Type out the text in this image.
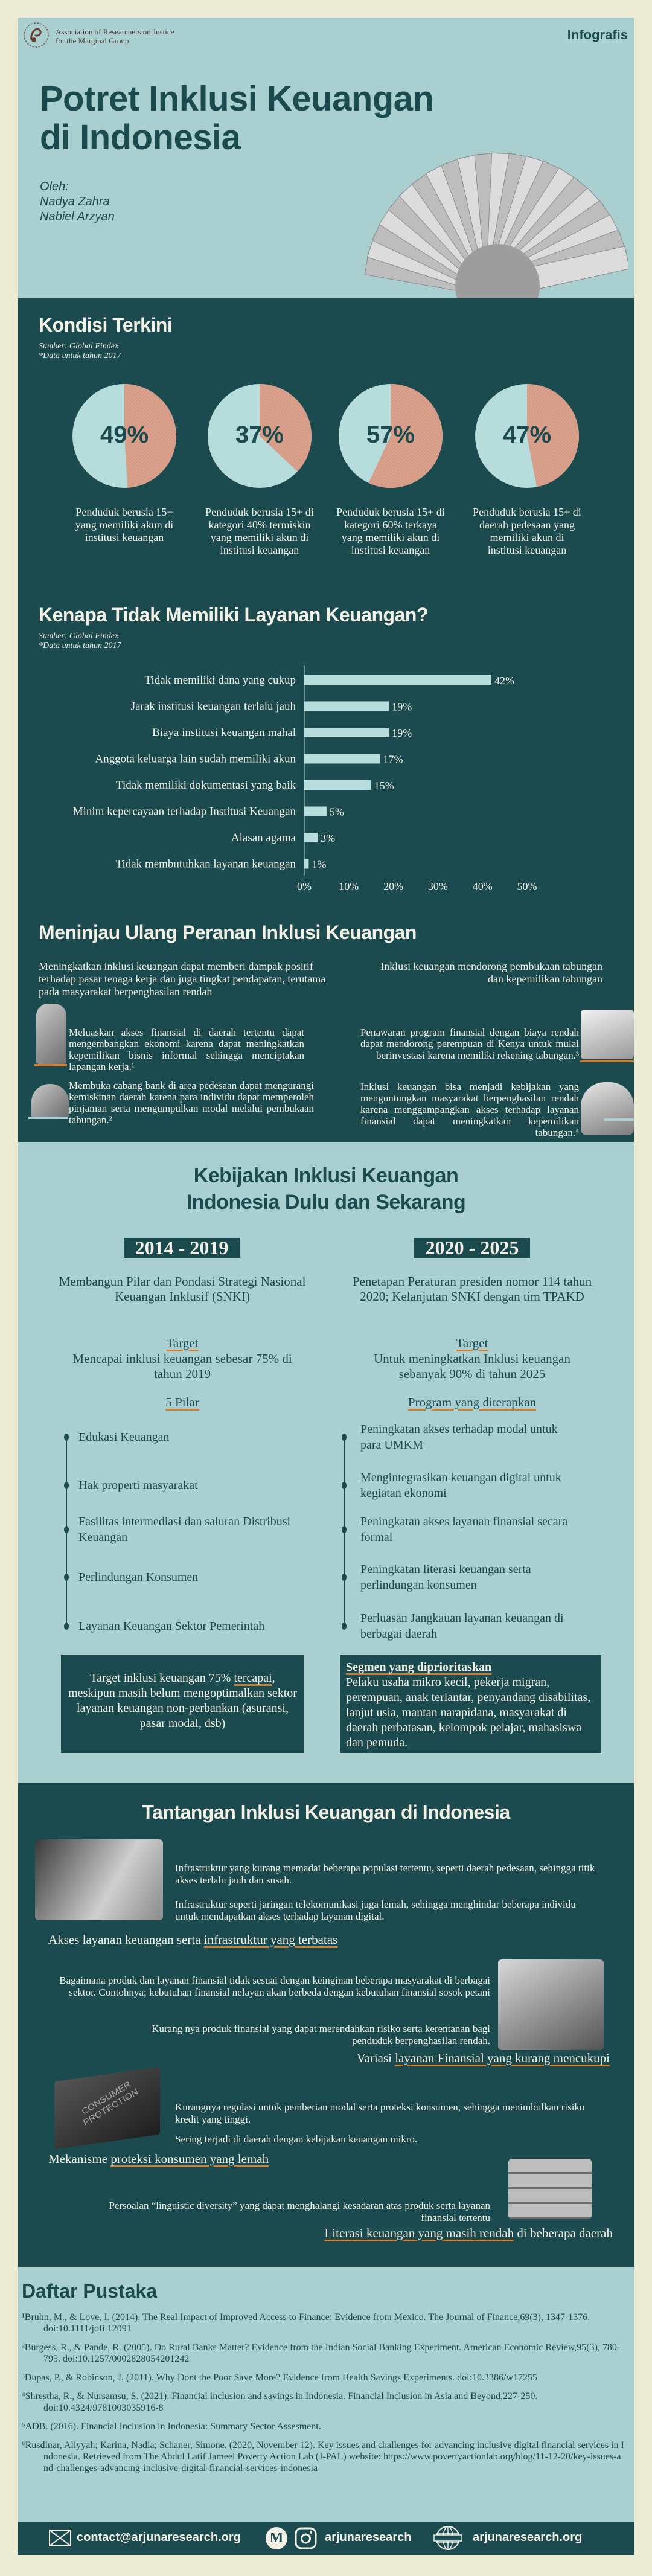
Association of Researchers on Justice
for the Marginal Group	Infografis
Potret Inklusi Keuangan
di Indonesia
Oleh:
Nadya Zahra
Nabiel Arzyan
Kondisi Terkini
Sumber: Global Findex
*Data untuk tahun 2017
49%	37%	57%	47%
Penduduk berusia 15+ yang memiliki akun di institusi keuangan
Penduduk berusia 15+ di kategori 40% termiskin yang memiliki akun di institusi keuangan
Penduduk berusia 15+ di kategori 60% terkaya yang memiliki akun di institusi keuangan
Penduduk berusia 15+ di daerah pedesaan yang memiliki akun di institusi keuangan
Kenapa Tidak Memiliki Layanan Keuangan?
Sumber: Global Findex
*Data untuk tahun 2017
Tidak memiliki dana yang cukup	42%
Jarak institusi keuangan terlalu jauh	19%
Biaya institusi keuangan mahal	19%
Anggota keluarga lain sudah memiliki akun	17%
Tidak memiliki dokumentasi yang baik	15%
Minim kepercayaan terhadap Institusi Keuangan	5%
Alasan agama 3%
Tidak membutuhkan layanan keuangan 1%
0%	10% 20% 30% 40% 50%
Meninjau Ulang Peranan Inklusi Keuangan
Meningkatkan inklusi keuangan dapat memberi dampak positif terhadap pasar tenaga kerja dan juga tingkat pendapatan, terutama pada masyarakat berpenghasilan rendah
Inklusi keuangan mendorong pembukaan tabungan dan kepemilikan tabungan
Meluaskan akses finansial di daerah tertentu dapat mengembangkan ekonomi karena dapat meningkatkan kepemilikan bisnis informal sehingga menciptakan lapangan kerja.¹
Membuka cabang bank di area pedesaan dapat mengurangi kemiskinan daerah karena para individu dapat memperoleh pinjaman serta mengumpulkan modal melalui pembukaan tabungan.²
Penawaran program finansial dengan biaya rendah dapat mendorong perempuan di Kenya untuk mulai berinvestasi karena memiliki rekening tabungan.³
Inklusi keuangan bisa menjadi kebijakan yang menguntungkan masyarakat berpenghasilan rendah karena menggampangkan akses terhadap layanan finansial dapat meningkatkan kepemilikan tabungan.⁴
Kebijakan Inklusi Keuangan
Indonesia Dulu dan Sekarang
2014 - 2019	2020 - 2025
Membangun Pilar dan Pondasi Strategi Nasional Keuangan Inklusif (SNKI)
Penetapan Peraturan presiden nomor 114 tahun 2020; Kelanjutan SNKI dengan tim TPAKD
Target	Target
Mencapai inklusi keuangan sebesar 75% di tahun 2019
Untuk meningkatkan Inklusi keuangan sebanyak 90% di tahun 2025
5 Pilar	Program yang diterapkan
Edukasi Keuangan
Hak properti masyarakat
Fasilitas intermediasi dan saluran Distribusi Keuangan
Perlindungan Konsumen
Layanan Keuangan Sektor Pemerintah
Peningkatan akses terhadap modal untuk para UMKM
Mengintegrasikan keuangan digital untuk kegiatan ekonomi
Peningkatan akses layanan finansial secara formal
Peningkatan literasi keuangan serta perlindungan konsumen
Perluasan Jangkauan layanan keuangan di berbagai daerah
Target inklusi keuangan 75% tercapai, meskipun masih belum mengoptimalkan sektor layanan keuangan non-perbankan (asuransi, pasar modal, dsb)
Segmen yang diprioritaskan
Pelaku usaha mikro kecil, pekerja migran, perempuan, anak terlantar, penyandang disabilitas, lanjut usia, mantan narapidana, masyarakat di daerah perbatasan, kelompok pelajar, mahasiswa dan pemuda.
Tantangan Inklusi Keuangan di Indonesia
Infrastruktur yang kurang memadai beberapa populasi tertentu, seperti daerah pedesaan, sehingga titik akses terlalu jauh dan susah.
Infrastruktur seperti jaringan telekomunikasi juga lemah, sehingga menghindar beberapa individu untuk mendapatkan akses terhadap layanan digital.
Akses layanan keuangan serta infrastruktur yang terbatas
Bagaimana produk dan layanan finansial tidak sesuai dengan keinginan beberapa masyarakat di berbagai sektor. Contohnya; kebutuhan finansial nelayan akan berbeda dengan kebutuhan finansial sosok petani
Kurang nya produk finansial yang dapat merendahkan risiko serta kerentanan bagi penduduk berpenghasilan rendah.
Variasi layanan Finansial yang kurang mencukupi
CONSUMER PROTECTION	Kurangnya regulasi untuk pemberian modal serta proteksi konsumen, sehingga menimbulkan risiko kredit yang tinggi.
Sering terjadi di daerah dengan kebijakan keuangan mikro.
Mekanisme proteksi konsumen yang lemah
Persoalan “linguistic diversity” yang dapat menghalangi kesadaran atas produk serta layanan finansial tertentu
Literasi keuangan yang masih rendah di beberapa daerah
Daftar Pustaka
¹Bruhn, M., & Love, I. (2014). The Real Impact of Improved Access to Finance: Evidence from Mexico. The Journal of Finance,69(3), 1347-1376. doi:10.1111/jofi.12091
²Burgess, R., & Pande, R. (2005). Do Rural Banks Matter? Evidence from the Indian Social Banking Experiment. American Economic Review,95(3), 780-795. doi:10.1257/0002828054201242
³Dupas, P., & Robinson, J. (2011). Why Dont the Poor Save More? Evidence from Health Savings Experiments. doi:10.3386/w17255
⁴Shrestha, R., & Nursamsu, S. (2021). Financial inclusion and savings in Indonesia. Financial Inclusion in Asia and Beyond,227-250. doi:10.4324/9781003035916-8
⁵ADB. (2016). Financial Inclusion in Indonesia: Summary Sector Assesment.
⁶Rusdinar, Aliyyah; Karina, Nadia; Schaner, Simone. (2020, November 12). Key issues and challenges for advancing inclusive digital financial services in Indonesia. Retrieved from The Abdul Latif Jameel Poverty Action Lab (J-PAL) website: https://www.povertyactionlab.org/blog/11-12-20/key-issues-and-challenges-advancing-inclusive-digital-financial-services-indonesia
contact@arjunaresearch.org M	arjunaresearch	arjunaresearch.org
